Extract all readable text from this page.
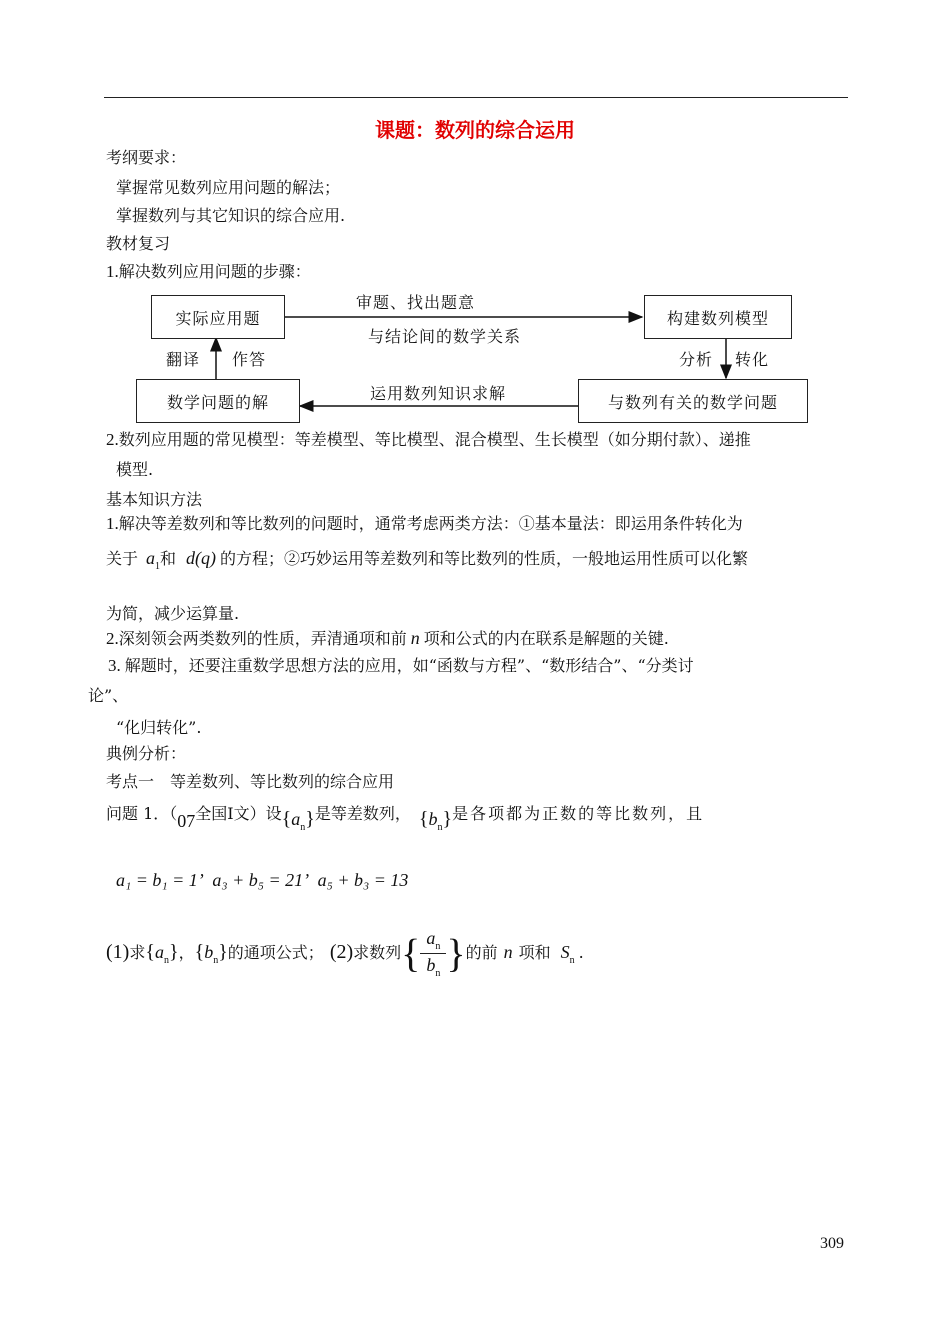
课题：数列的综合运用
考纲要求：
掌握常见数列应用问题的解法；
掌握数列与其它知识的综合应用.
教材复习
1.解决数列应用问题的步骤：
实际应用题	构建数列模型
与数列有关的数学问题
数学问题的解
审题、找出题意
与结论间的数学关系
分析 转化
运用数列知识求解
翻译 作答
2.数列应用题的常见模型：等差模型、等比模型、混合模型、生长模型（如分期付款）、递推
模型.
基本知识方法
1.解决等差数列和等比数列的问题时，通常考虑两类方法：①基本量法：即运用条件转化为
关于 $a_1$和 d(q) 的方程；②巧妙运用等差数列和等比数列的性质，一般地运用性质可以化繁
为简，减少运算量.
2.深刻领会两类数列的性质，弄清通项和前 n 项和公式的内在联系是解题的关键.
3. 解题时，还要注重数学思想方法的应用，如“函数与方程”、“数形结合”、“分类讨
论”、
“化归转化”.
典例分析：
考点一　等差数列、等比数列的综合应用
问题 1．（07全国Ⅰ文）设$\{a_n\}$是等差数列， $\{b_n\}$是各项都为正数的等比数列，且
a₁ = b₁ = 1’ a₃ + b₅ = 21’ a₅ + b₃ = 13
(1)求$\{a_n\}$，$\{b_n\}$的通项公式； (2)求数列{ $\frac{a_n}{b_n}$ }的前 n 项和 $S_n$ .
309
